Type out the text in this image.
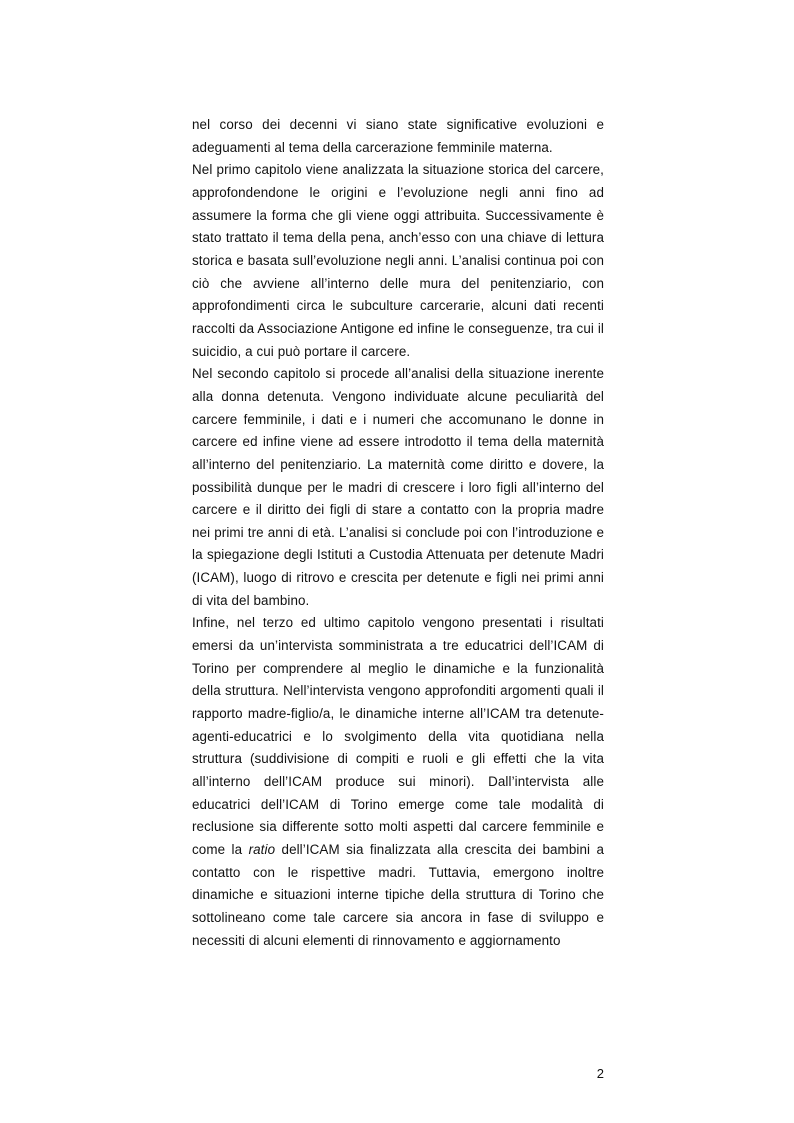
nel corso dei decenni vi siano state significative evoluzioni e adeguamenti al tema della carcerazione femminile materna.

Nel primo capitolo viene analizzata la situazione storica del carcere, approfondendone le origini e l’evoluzione negli anni fino ad assumere la forma che gli viene oggi attribuita. Successivamente è stato trattato il tema della pena, anch’esso con una chiave di lettura storica e basata sull’evoluzione negli anni. L’analisi continua poi con ciò che avviene all’interno delle mura del penitenziario, con approfondimenti circa le subculture carcerarie, alcuni dati recenti raccolti da Associazione Antigone ed infine le conseguenze, tra cui il suicidio, a cui può portare il carcere.

Nel secondo capitolo si procede all’analisi della situazione inerente alla donna detenuta. Vengono individuate alcune peculiarità del carcere femminile, i dati e i numeri che accomunano le donne in carcere ed infine viene ad essere introdotto il tema della maternità all’interno del penitenziario. La maternità come diritto e dovere, la possibilità dunque per le madri di crescere i loro figli all’interno del carcere e il diritto dei figli di stare a contatto con la propria madre nei primi tre anni di età. L’analisi si conclude poi con l’introduzione e la spiegazione degli Istituti a Custodia Attenuata per detenute Madri (ICAM), luogo di ritrovo e crescita per detenute e figli nei primi anni di vita del bambino.

Infine, nel terzo ed ultimo capitolo vengono presentati i risultati emersi da un’intervista somministrata a tre educatrici dell’ICAM di Torino per comprendere al meglio le dinamiche e la funzionalità della struttura. Nell’intervista vengono approfonditi argomenti quali il rapporto madre-figlio/a, le dinamiche interne all’ICAM tra detenute-agenti-educatrici e lo svolgimento della vita quotidiana nella struttura (suddivisione di compiti e ruoli e gli effetti che la vita all’interno dell’ICAM produce sui minori). Dall’intervista alle educatrici dell’ICAM di Torino emerge come tale modalità di reclusione sia differente sotto molti aspetti dal carcere femminile e come la ratio dell’ICAM sia finalizzata alla crescita dei bambini a contatto con le rispettive madri. Tuttavia, emergono inoltre dinamiche e situazioni interne tipiche della struttura di Torino che sottolineano come tale carcere sia ancora in fase di sviluppo e necessiti di alcuni elementi di rinnovamento e aggiornamento

2
